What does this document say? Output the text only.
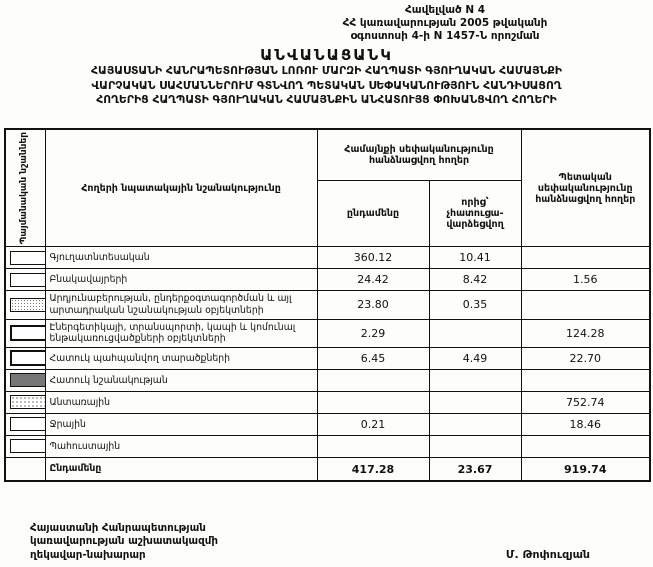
Հավելված N 4
ՀՀ կառավարության 2005 թվականի
օգոստոսի 4-ի N 1457-Ն որոշման
ԱՆՎԱՆԱՑԱՆԿ
ՀԱՅԱՍՏԱՆԻ ՀԱՆՐԱՊԵՏՈՒԹՅԱՆ ԼՈՌՈՒ ՄԱՐԶԻ ՀԱՂՊԱՏԻ ԳՅՈՒՂԱԿԱՆ ՀԱՄԱՅՆՔԻ
ՎԱՐՉԱԿԱՆ ՍԱՀՄԱՆՆԵՐՈՒՄ ԳՏՆՎՈՂ ՊԵՏԱԿԱՆ ՍԵՓԱԿԱՆՈՒԹՅՈՒՆ ՀԱՆԴԻՍԱՑՈՂ
ՀՈՂԵՐԻՑ ՀԱՂՊԱՏԻ ԳՅՈՒՂԱԿԱՆ ՀԱՄԱՅՆՔԻՆ ԱՆՀԱՏՈՒՅՑ ՓՈԽԱՆՑՎՈՂ ՀՈՂԵՐԻ
Պայմանական նշաններ	Հողերի նպատակային նշանակությունը	Համայնքի սեփականությունը հանձնացվող հողեր		Պետական սեփականությունը հանձնացվող հողեր
		ընդամենը	որից՝ չհատուցա-վարձեցվող	
	Գյուղատնտեսական	360.12	10.41	
	Բնակավայրերի	24.42	8.42	1.56
	Արդյունաբերության, ընդերքօգտագործման և այլ արտադրական նշանակության օբյեկտների	23.80	0.35	
	Էներգետիկայի, տրանսպորտի, կապի և կոմունալ ենթակառուցվածքների օբյեկտների	2.29		124.28
	Հատուկ պահպանվող տարածքների	6.45	4.49	22.70
	Հատուկ նշանակության			
	Անտառային			752.74
	Ջրային	0.21		18.46
	Պահուստային			
	Ընդամենը	417.28	23.67	919.74
Հայաստանի Հանրապետության
կառավարության աշխատակազմի
ղեկավար-նախարար	Մ. Թոփուզյան
